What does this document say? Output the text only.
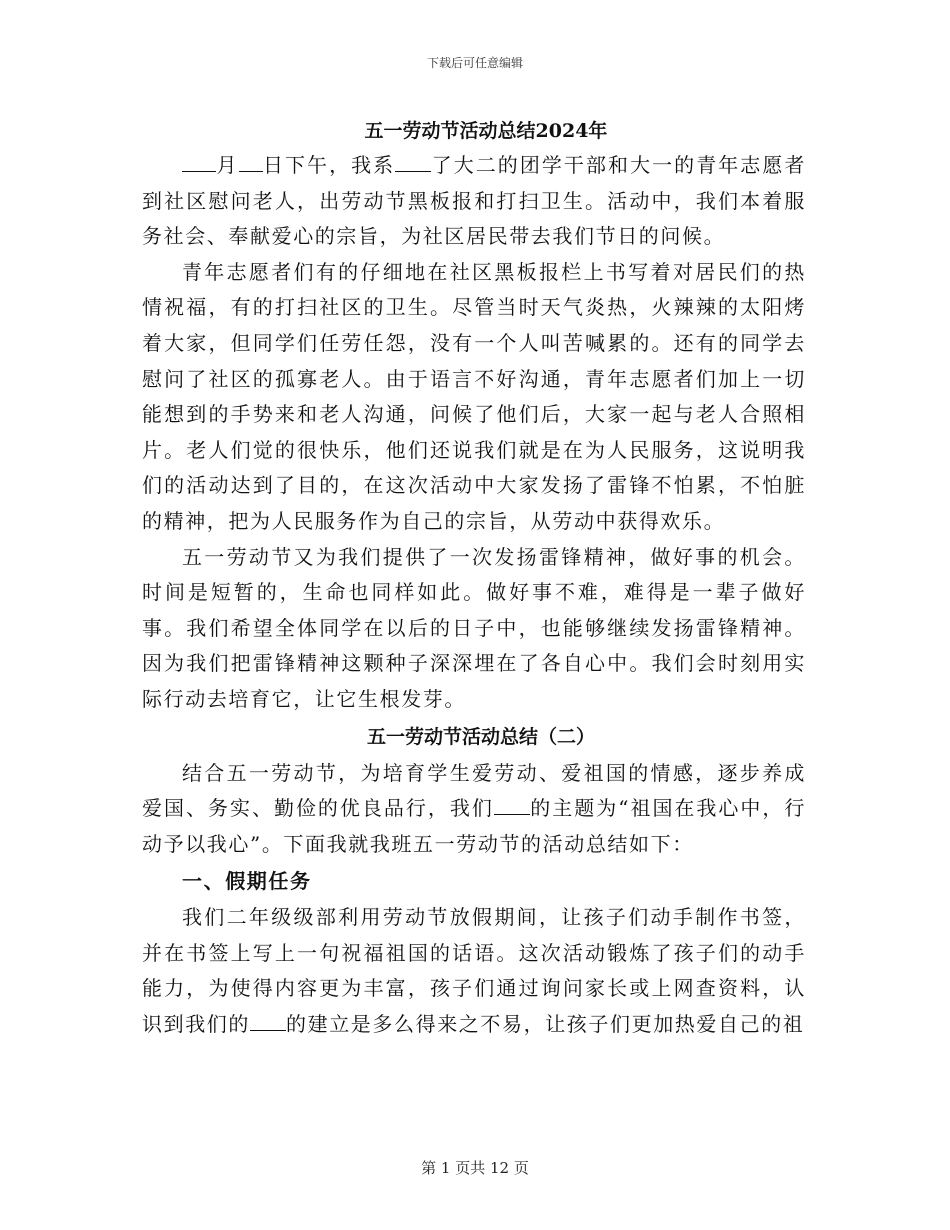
下载后可任意编辑
五一劳动节活动总结2024年

月 日下午，我系 了大二的团学干部和大一的青年志愿者到社区慰问老人，出劳动节黑板报和打扫卫生。活动中，我们本着服务社会、奉献爱心的宗旨，为社区居民带去我们节日的问候。

青年志愿者们有的仔细地在社区黑板报栏上书写着对居民们的热情祝福，有的打扫社区的卫生。尽管当时天气炎热，火辣辣的太阳烤着大家，但同学们任劳任怨，没有一个人叫苦喊累的。还有的同学去慰问了社区的孤寡老人。由于语言不好沟通，青年志愿者们加上一切能想到的手势来和老人沟通，问候了他们后，大家一起与老人合照相片。老人们觉的很快乐，他们还说我们就是在为人民服务，这说明我们的活动达到了目的，在这次活动中大家发扬了雷锋不怕累，不怕脏的精神，把为人民服务作为自己的宗旨，从劳动中获得欢乐。

五一劳动节又为我们提供了一次发扬雷锋精神，做好事的机会。时间是短暂的，生命也同样如此。做好事不难，难得是一辈子做好事。我们希望全体同学在以后的日子中，也能够继续发扬雷锋精神。因为我们把雷锋精神这颗种子深深埋在了各自心中。我们会时刻用实际行动去培育它，让它生根发芽。

五一劳动节活动总结（二）

结合五一劳动节，为培育学生爱劳动、爱祖国的情感，逐步养成爱国、务实、勤俭的优良品行，我们 的主题为“祖国在我心中，行动予以我心”。下面我就我班五一劳动节的活动总结如下：

一、假期任务

我们二年级级部利用劳动节放假期间，让孩子们动手制作书签，并在书签上写上一句祝福祖国的话语。这次活动锻炼了孩子们的动手能力，为使得内容更为丰富，孩子们通过询问家长或上网查资料，认识到我们的 的建立是多么得来之不易，让孩子们更加热爱自己的祖

第 1 页共 12 页
